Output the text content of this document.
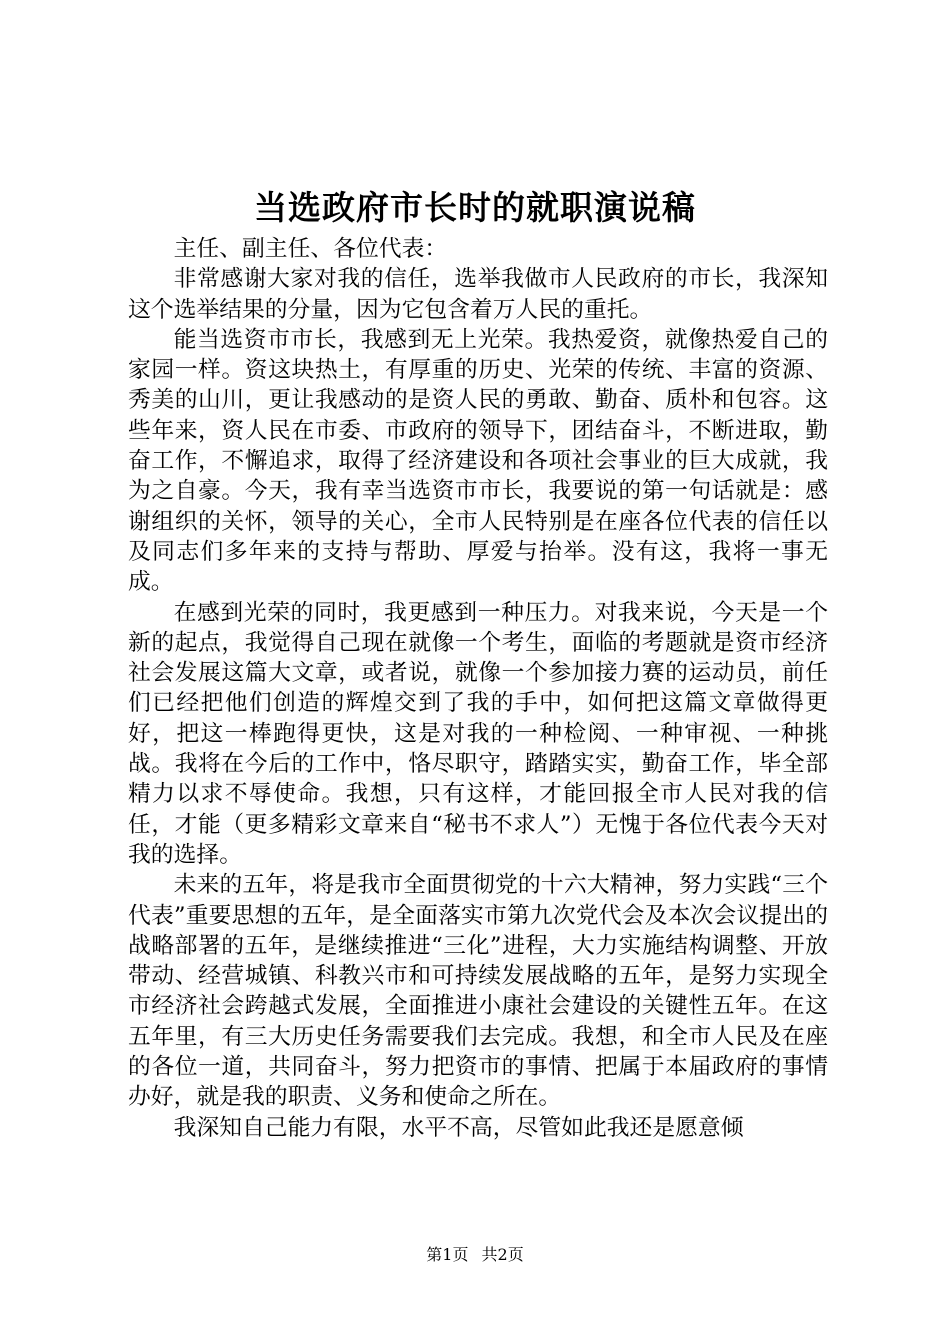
当选政府市长时的就职演说稿

主任、副主任、各位代表：

非常感谢大家对我的信任，选举我做市人民政府的市长，我深知这个选举结果的分量，因为它包含着万人民的重托。

能当选资市市长，我感到无上光荣。我热爱资，就像热爱自己的家园一样。资这块热土，有厚重的历史、光荣的传统、丰富的资源、秀美的山川，更让我感动的是资人民的勇敢、勤奋、质朴和包容。这些年来，资人民在市委、市政府的领导下，团结奋斗，不断进取，勤奋工作，不懈追求，取得了经济建设和各项社会事业的巨大成就，我为之自豪。今天，我有幸当选资市市长，我要说的第一句话就是：感谢组织的关怀，领导的关心，全市人民特别是在座各位代表的信任以及同志们多年来的支持与帮助、厚爱与抬举。没有这，我将一事无成。

在感到光荣的同时，我更感到一种压力。对我来说，今天是一个新的起点，我觉得自己现在就像一个考生，面临的考题就是资市经济社会发展这篇大文章，或者说，就像一个参加接力赛的运动员，前任们已经把他们创造的辉煌交到了我的手中，如何把这篇文章做得更好，把这一棒跑得更快，这是对我的一种检阅、一种审视、一种挑战。我将在今后的工作中，恪尽职守，踏踏实实，勤奋工作，毕全部精力以求不辱使命。我想，只有这样，才能回报全市人民对我的信任，才能（更多精彩文章来自“秘书不求人”）无愧于各位代表今天对我的选择。

未来的五年，将是我市全面贯彻党的十六大精神，努力实践“三个代表”重要思想的五年，是全面落实市第九次党代会及本次会议提出的战略部署的五年，是继续推进“三化”进程，大力实施结构调整、开放带动、经营城镇、科教兴市和可持续发展战略的五年，是努力实现全市经济社会跨越式发展，全面推进小康社会建设的关键性五年。在这五年里，有三大历史任务需要我们去完成。我想，和全市人民及在座的各位一道，共同奋斗，努力把资市的事情、把属于本届政府的事情办好，就是我的职责、义务和使命之所在。

我深知自己能力有限，水平不高，尽管如此我还是愿意倾

第1页 共2页
